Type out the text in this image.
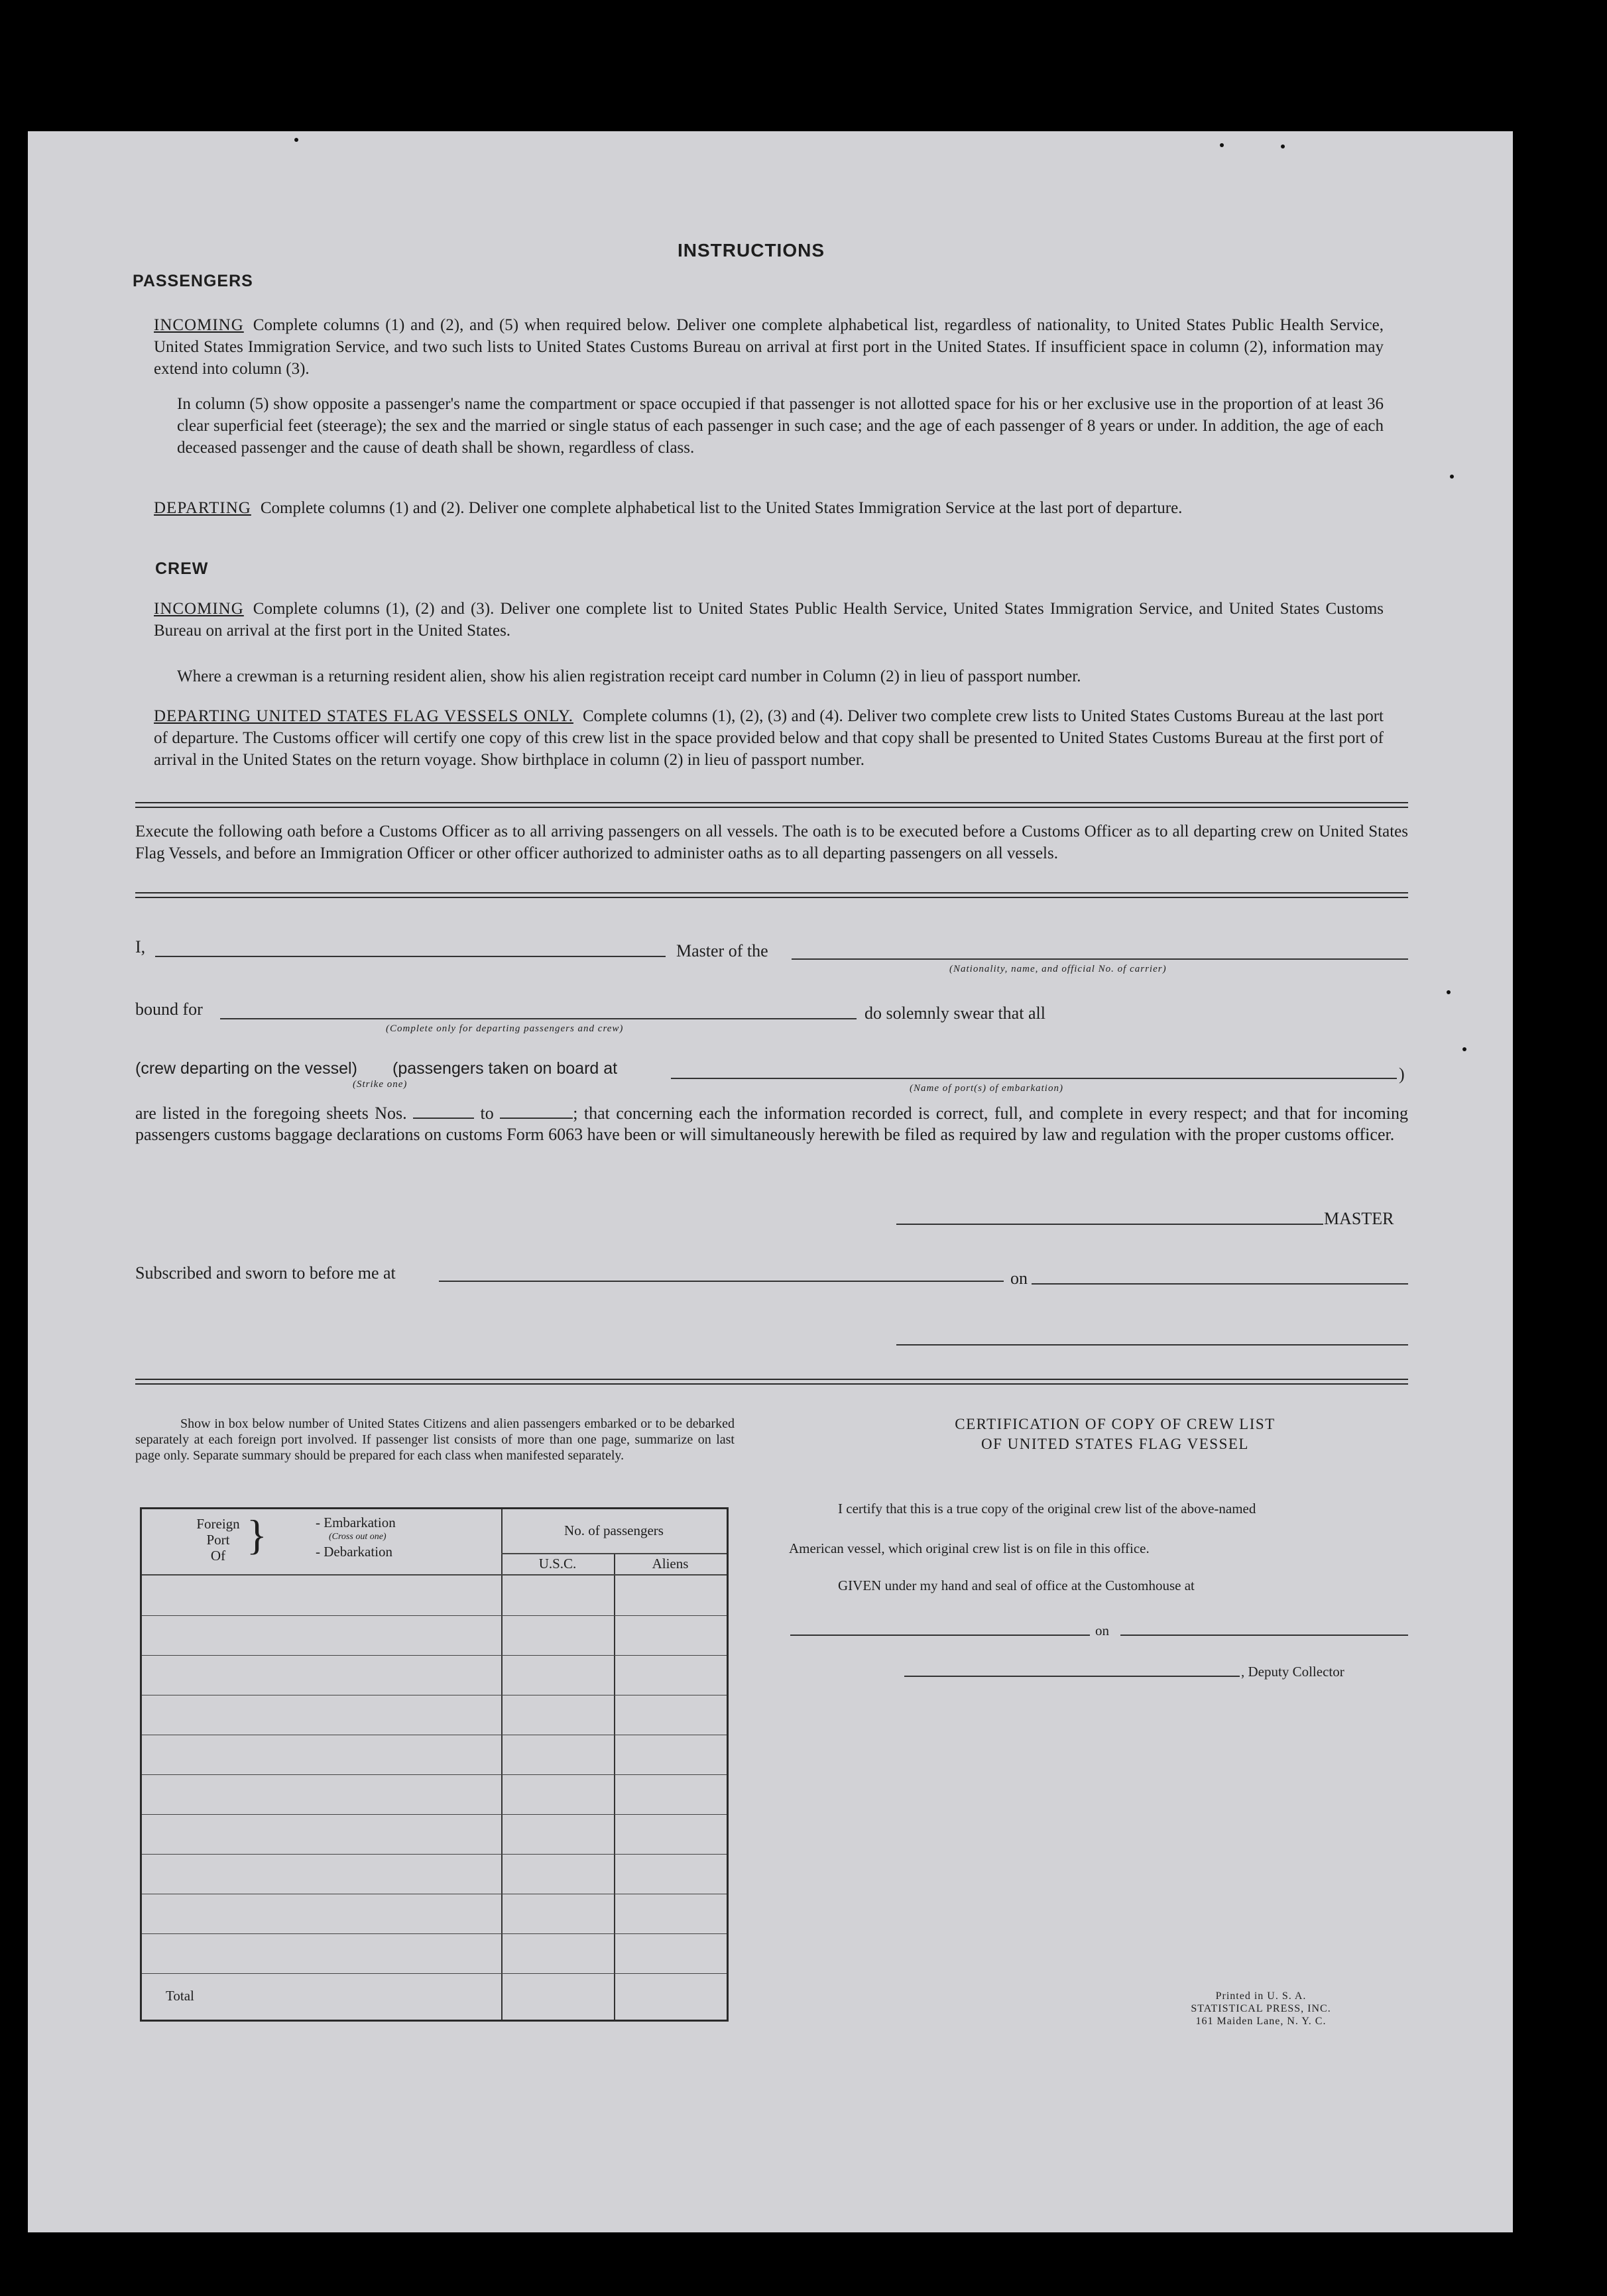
INSTRUCTIONS
PASSENGERS
INCOMING Complete columns (1) and (2), and (5) when required below. Deliver one complete alphabetical list, regardless of nationality, to United States Public Health Service, United States Immigration Service, and two such lists to United States Customs Bureau on arrival at first port in the United States. If insufficient space in column (2), information may extend into column (3).
In column (5) show opposite a passenger's name the compartment or space occupied if that passenger is not allotted space for his or her exclusive use in the proportion of at least 36 clear superficial feet (steerage); the sex and the married or single status of each passenger in such case; and the age of each passenger of 8 years or under. In addition, the age of each deceased passenger and the cause of death shall be shown, regardless of class.
DEPARTING Complete columns (1) and (2). Deliver one complete alphabetical list to the United States Immigration Service at the last port of departure.
CREW
INCOMING Complete columns (1), (2) and (3). Deliver one complete list to United States Public Health Service, United States Immigration Service, and United States Customs Bureau on arrival at the first port in the United States.
Where a crewman is a returning resident alien, show his alien registration receipt card number in Column (2) in lieu of passport number.
DEPARTING UNITED STATES FLAG VESSELS ONLY. Complete columns (1), (2), (3) and (4). Deliver two complete crew lists to United States Customs Bureau at the last port of departure. The Customs officer will certify one copy of this crew list in the space provided below and that copy shall be presented to United States Customs Bureau at the first port of arrival in the United States on the return voyage. Show birthplace in column (2) in lieu of passport number.
Execute the following oath before a Customs Officer as to all arriving passengers on all vessels. The oath is to be executed before a Customs Officer as to all departing crew on United States Flag Vessels, and before an Immigration Officer or other officer authorized to administer oaths as to all departing passengers on all vessels.
I,	Master of the
(Nationality, name, and official No. of carrier)
bound for
(Complete only for departing passengers and crew)
do solemnly swear that all
(crew departing on the vessel) (passengers taken on board at
(Strike one)	(Name of port(s) of embarkation)
)
are listed in the foregoing sheets Nos.	to	; that concerning each the information recorded is correct, full, and complete in every respect; and that for incoming passengers customs baggage declarations on customs Form 6063 have been or will simultaneously herewith be filed as required by law and regulation with the proper customs officer.
MASTER
Subscribed and sworn to before me at	on
Show in box below number of United States Citizens and alien passengers embarked or to be debarked separately at each foreign port involved. If passenger list consists of more than one page, summarize on last page only. Separate summary should be prepared for each class when manifested separately.
Foreign
Port
Of }	- Embarkation
(Cross out one)
- Debarkation
No. of passengers
U.S.C.	Aliens
Total
CERTIFICATION OF COPY OF CREW LIST
OF UNITED STATES FLAG VESSEL
I certify that this is a true copy of the original crew list of the above-named
American vessel, which original crew list is on file in this office.
GIVEN under my hand and seal of office at the Customhouse at
on
, Deputy Collector
Printed in U. S. A.
STATISTICAL PRESS, INC.
161 Maiden Lane, N. Y. C.
